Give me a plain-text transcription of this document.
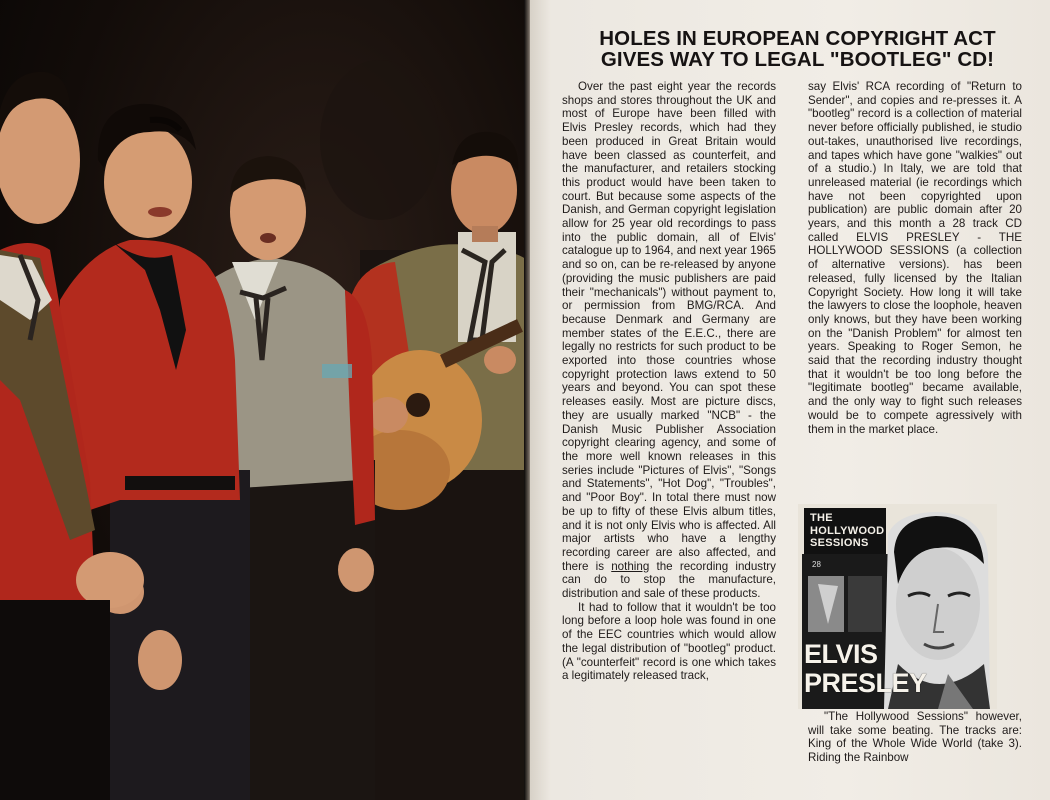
HOLES IN EUROPEAN COPYRIGHT ACT
GIVES WAY TO LEGAL "BOOTLEG" CD!

Over the past eight year the records shops and stores throughout the UK and most of Europe have been filled with Elvis Presley records, which had they been produced in Great Britain would have been classed as counterfeit, and the manufacturer, and retailers stocking this product would have been taken to court. But because some aspects of the Danish, and German copyright legislation allow for 25 year old recordings to pass into the public domain, all of Elvis' catalogue up to 1964, and next year 1965 and so on, can be re-released by anyone (providing the music publishers are paid their "mechanicals") without payment to, or permission from BMG/RCA. And because Denmark and Germany are member states of the E.E.C., there are legally no restricts for such product to be exported into those countries whose copyright protection laws extend to 50 years and beyond. You can spot these releases easily. Most are picture discs, they are usually marked "NCB" - the Danish Music Publisher Association copyright clearing agency, and some of the more well known releases in this series include "Pictures of Elvis", "Songs and Statements", "Hot Dog", "Troubles", and "Poor Boy". In total there must now be up to fifty of these Elvis album titles, and it is not only Elvis who is affected. All major artists who have a lengthy recording career are also affected, and there is nothing the recording industry can do to stop the manufacture, distribution and sale of these products.

It had to follow that it wouldn't be too long before a loop hole was found in one of the EEC countries which would allow the legal distribution of "bootleg" product. (A "counterfeit" record is one which takes a legitimately released track,

say Elvis' RCA recording of "Return to Sender", and copies and re-presses it. A "bootleg" record is a collection of material never before officially published, ie studio out-takes, unauthorised live recordings, and tapes which have gone "walkies" out of a studio.) In Italy, we are told that unreleased material (ie recordings which have not been copyrighted upon publication) are public domain after 20 years, and this month a 28 track CD called ELVIS PRESLEY - THE HOLLYWOOD SESSIONS (a collection of alternative versions). has been released, fully licensed by the Italian Copyright Society. How long it will take the lawyers to close the loophole, heaven only knows, but they have been working on the "Danish Problem" for almost ten years. Speaking to Roger Semon, he said that the recording industry thought that it wouldn't be too long before the "legitimate bootleg" became available, and the only way to fight such releases would be to compete agressively with them in the market place.

THE
HOLLYWOOD
SESSIONS
28
ELVIS
PRESLEY

"The Hollywood Sessions" however, will take some beating. The tracks are: King of the Whole Wide World (take 3). Riding the Rainbow
